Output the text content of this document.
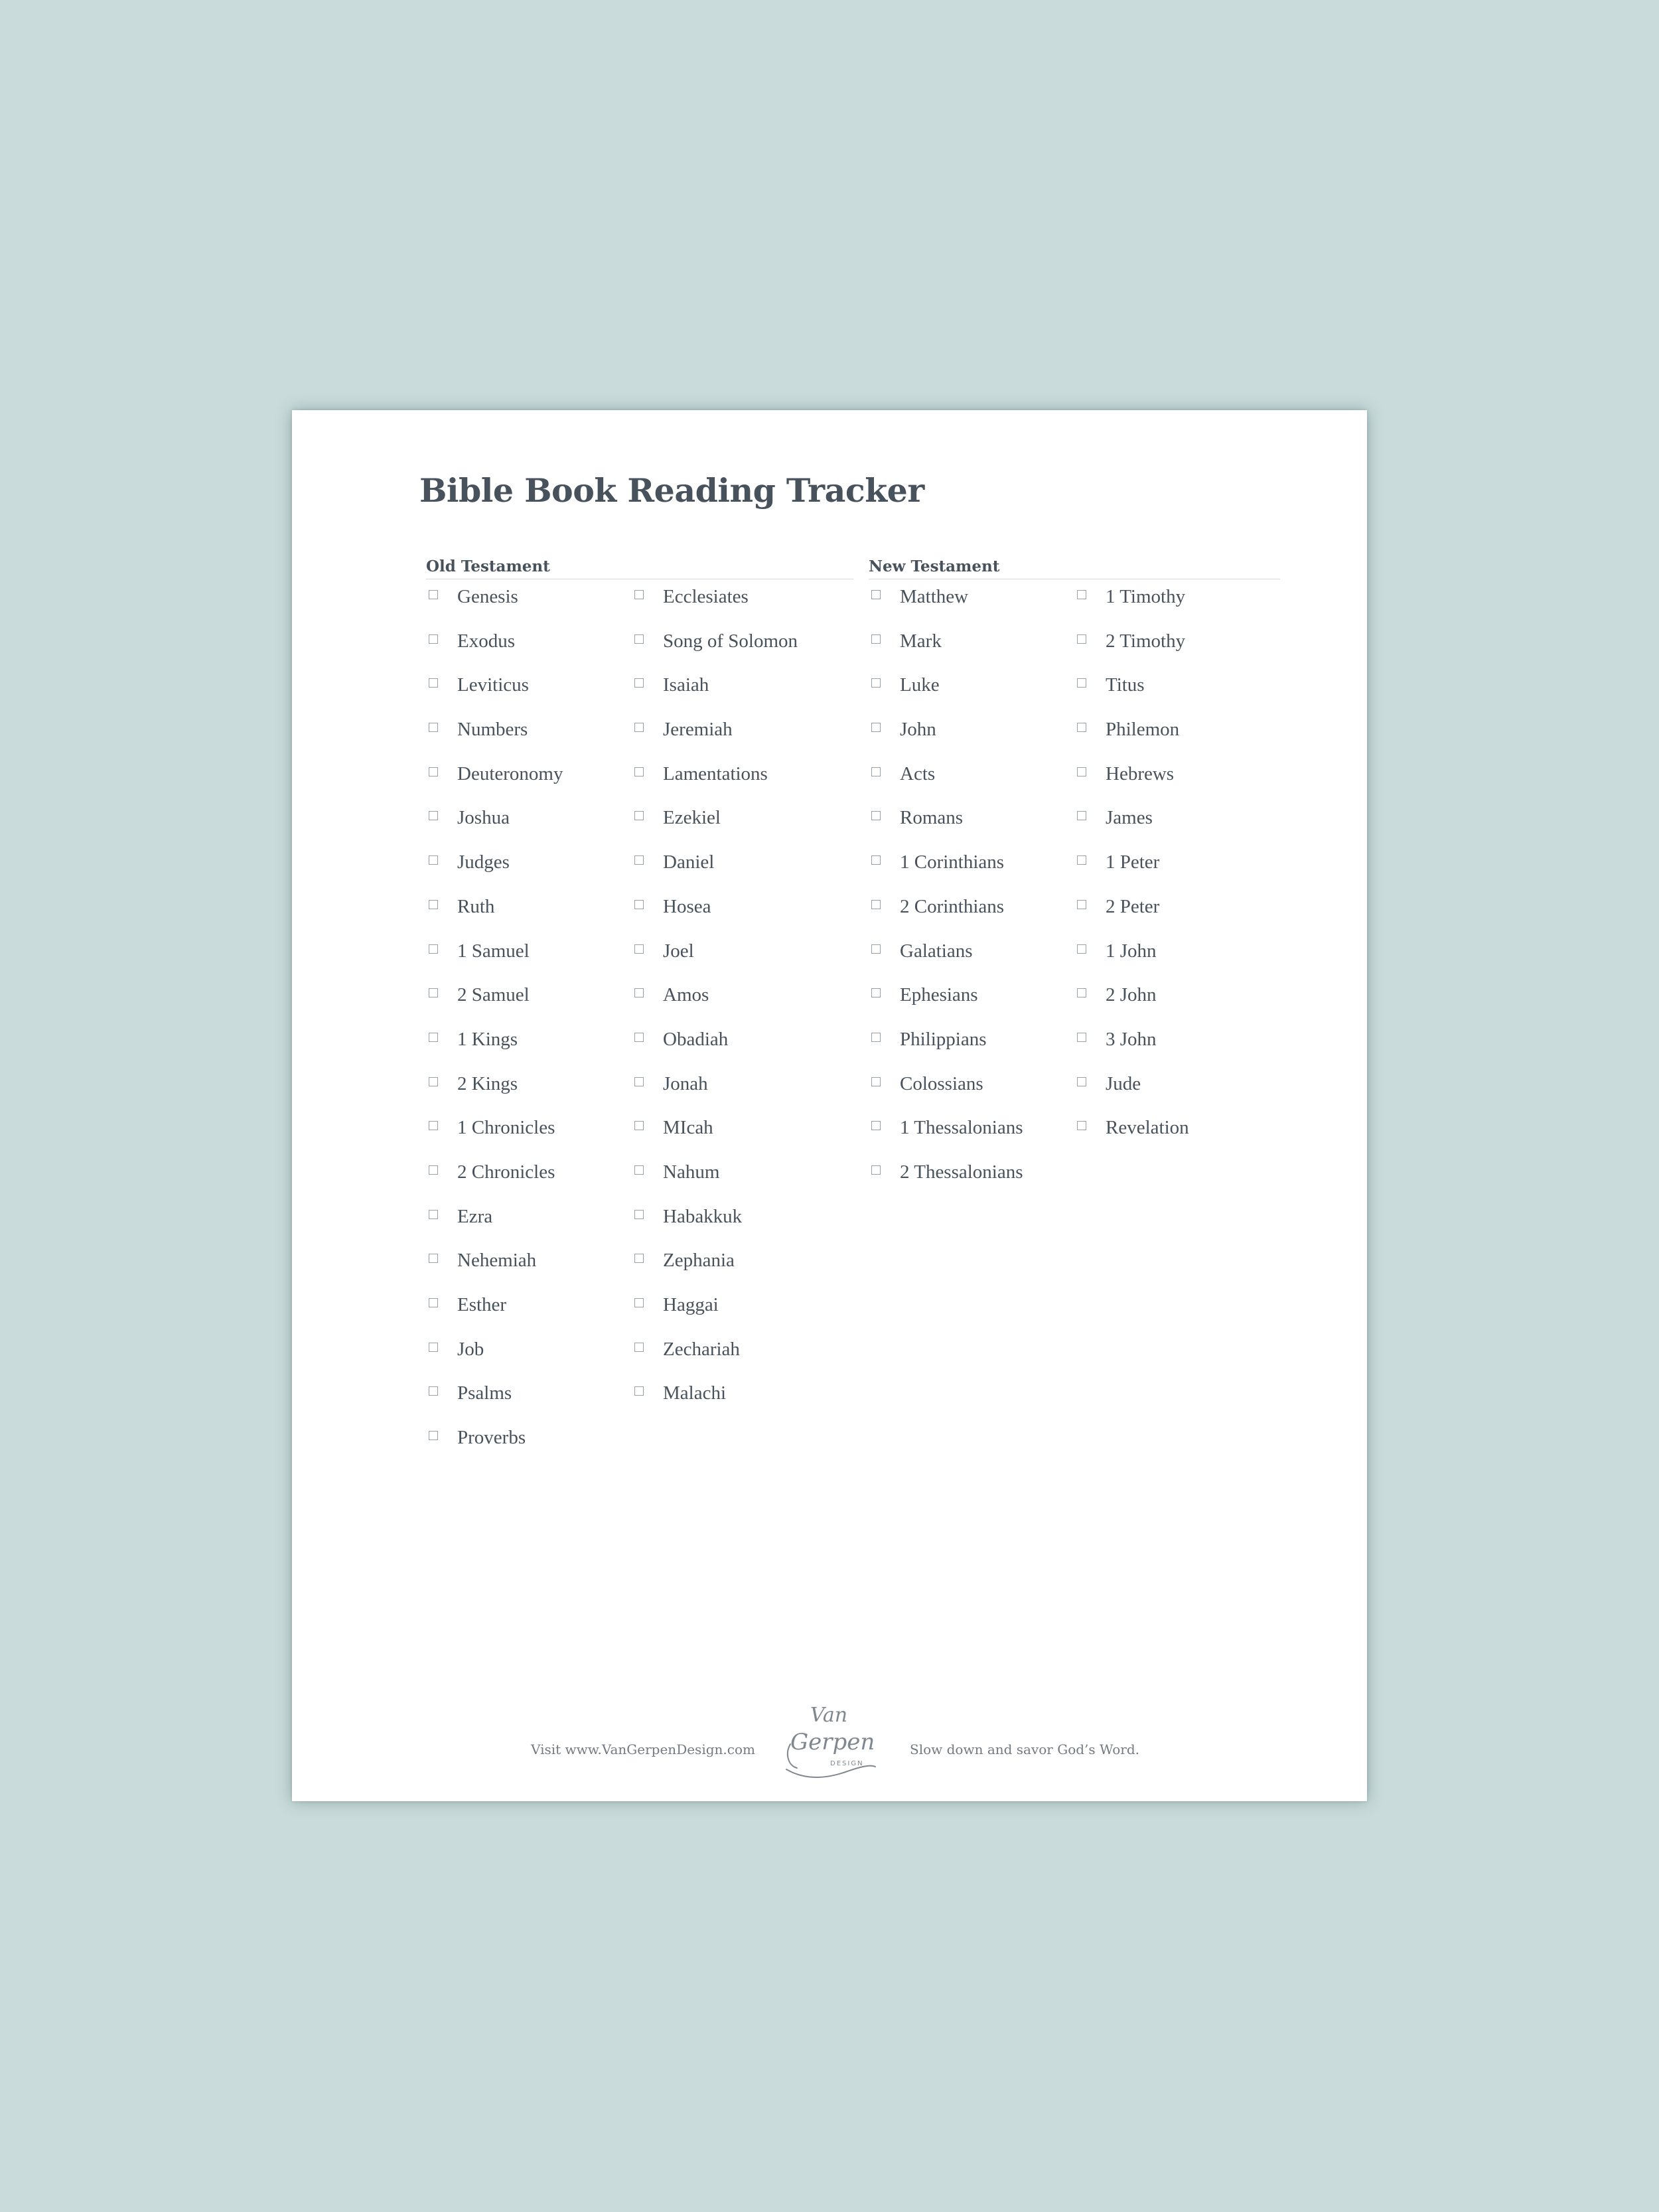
Bible Book Reading Tracker
Old Testament
Genesis
Exodus
Leviticus
Numbers
Deuteronomy
Joshua
Judges
Ruth
1 Samuel
2 Samuel
1 Kings
2 Kings
1 Chronicles
2 Chronicles
Ezra
Nehemiah
Esther
Job
Psalms
Proverbs
Ecclesiates
Song of Solomon
Isaiah
Jeremiah
Lamentations
Ezekiel
Daniel
Hosea
Joel
Amos
Obadiah
Jonah
MIcah
Nahum
Habakkuk
Zephania
Haggai
Zechariah
Malachi
New Testament
Matthew
Mark
Luke
John
Acts
Romans
1 Corinthians
2 Corinthians
Galatians
Ephesians
Philippians
Colossians
1 Thessalonians
2 Thessalonians
1 Timothy
2 Timothy
Titus
Philemon
Hebrews
James
1 Peter
2 Peter
1 John
2 John
3 John
Jude
Revelation
Visit www.VanGerpenDesign.com
Van
Gerpen
DESIGN
Slow down and savor God’s Word.
